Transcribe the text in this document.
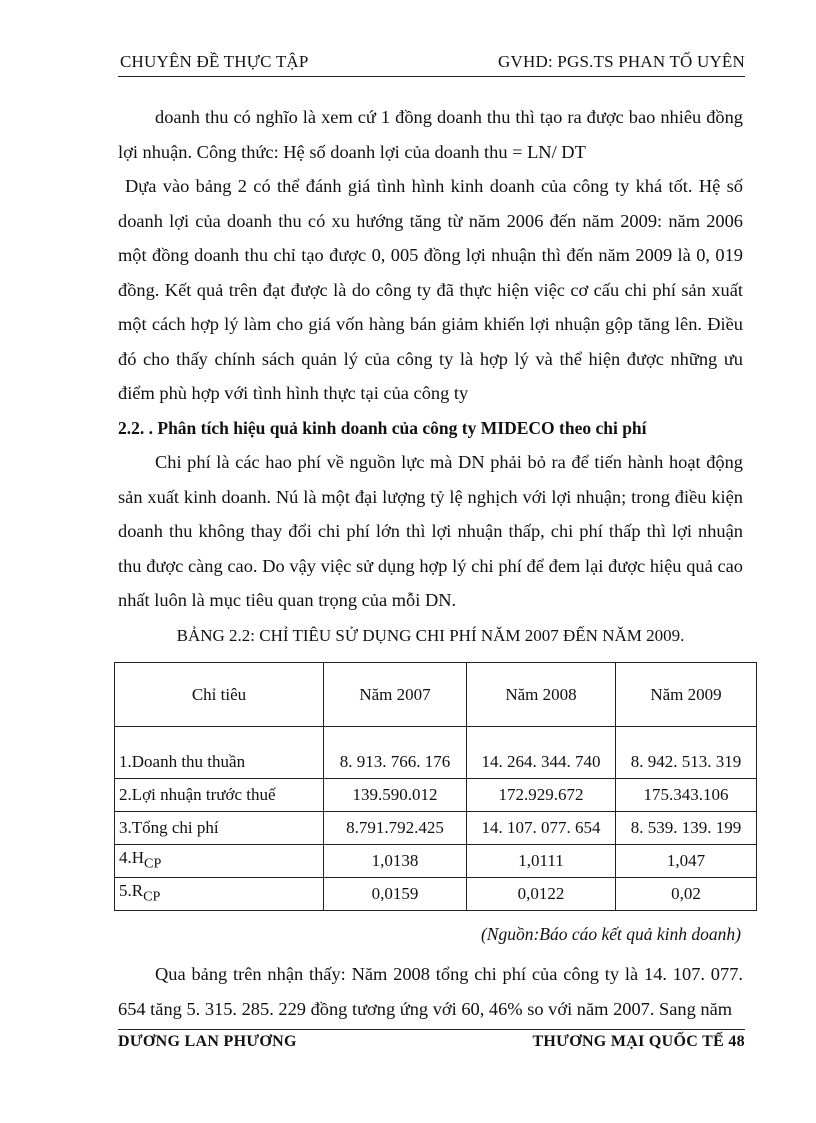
CHUYÊN ĐỀ THỰC TẬP	GVHD: PGS.TS PHAN TỐ UYÊN

doanh thu có nghĩo là xem cứ 1 đồng doanh thu thì tạo ra được bao nhiêu đồng lợi nhuận. Công thức: Hệ số doanh lợi của doanh thu = LN/ DT

Dựa vào bảng 2 có thể đánh giá tình hình kinh doanh của công ty khá tốt. Hệ số doanh lợi của doanh thu có xu hướng tăng từ năm 2006 đến năm 2009: năm 2006 một đồng doanh thu chỉ tạo được 0, 005 đồng lợi nhuận thì đến năm 2009 là 0, 019 đồng. Kết quả trên đạt được là do công ty đã thực hiện việc cơ cấu chi phí sản xuất một cách hợp lý làm cho giá vốn hàng bán giảm khiến lợi nhuận gộp tăng lên. Điều đó cho thấy chính sách quản lý của công ty là hợp lý và thể hiện được những ưu điểm phù hợp với tình hình thực tại của công ty

2.2. . Phân tích hiệu quả kinh doanh của công ty MIDECO theo chi phí

Chi phí là các hao phí về nguồn lực mà DN phải bỏ ra để tiến hành hoạt động sản xuất kinh doanh. Nú là một đại lượng tỷ lệ nghịch với lợi nhuận; trong điều kiện doanh thu không thay đổi chi phí lớn thì lợi nhuận thấp, chi phí thấp thì lợi nhuận thu được càng cao. Do vậy việc sử dụng hợp lý chi phí để đem lại được hiệu quả cao nhất luôn là mục tiêu quan trọng của mỗi DN.

BẢNG 2.2: CHỈ TIÊU SỬ DỤNG CHI PHÍ NĂM 2007 ĐẾN NĂM 2009.
Chỉ tiêu	Năm 2007	Năm 2008	Năm 2009
1.Doanh thu thuần	8. 913. 766. 176	14. 264. 344. 740	8. 942. 513. 319
2.Lợi nhuận trước thuế	139.590.012	172.929.672	175.343.106
3.Tổng chi phí	8.791.792.425	14. 107. 077. 654	8. 539. 139. 199
$4.H_{CP}$	1,0138	1,0111	1,047
$5.R_{CP}$	0,0159	0,0122	0,02
(Nguồn:Báo cáo kết quả kinh doanh)

Qua bảng trên nhận thấy: Năm 2008 tổng chi phí của công ty là 14. 107. 077. 654 tăng 5. 315. 285. 229 đồng tương ứng với 60, 46% so với năm 2007. Sang năm

DƯƠNG LAN PHƯƠNG	THƯƠNG MẠI QUỐC TẾ 48
